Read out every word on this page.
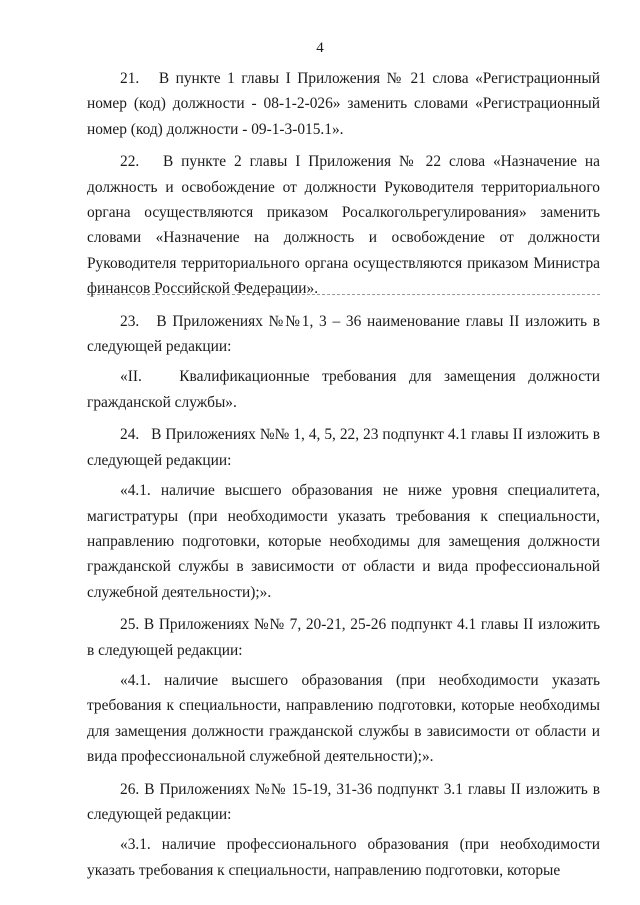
4

21.   В пункте 1 главы I Приложения № 21 слова «Регистрационный номер (код) должности - 08-1-2-026» заменить словами «Регистрационный номер (код) должности - 09-1-3-015.1».

22.   В пункте 2 главы I Приложения № 22 слова «Назначение на должность и освобождение от должности Руководителя территориального органа осуществляются приказом Росалкогольрегулирования» заменить словами «Назначение на должность и освобождение от должности Руководителя территориального органа осуществляются приказом Министра финансов Российской Федерации».

23.   В Приложениях №№1, 3 – 36 наименование главы II изложить в следующей редакции:

«II.   Квалификационные требования для замещения должности гражданской службы».

24.   В Приложениях №№ 1, 4, 5, 22, 23 подпункт 4.1 главы II изложить в следующей редакции:

«4.1. наличие высшего образования не ниже уровня специалитета, магистратуры (при необходимости указать требования к специальности, направлению подготовки, которые необходимы для замещения должности гражданской службы в зависимости от области и вида профессиональной служебной деятельности);».

25. В Приложениях №№ 7, 20-21, 25-26 подпункт 4.1 главы II изложить в следующей редакции:

«4.1. наличие высшего образования (при необходимости указать требования к специальности, направлению подготовки, которые необходимы для замещения должности гражданской службы в зависимости от области и вида профессиональной служебной деятельности);».

26. В Приложениях №№ 15-19, 31-36 подпункт 3.1 главы II изложить в следующей редакции:

«3.1. наличие профессионального образования (при необходимости указать требования к специальности, направлению подготовки, которые
